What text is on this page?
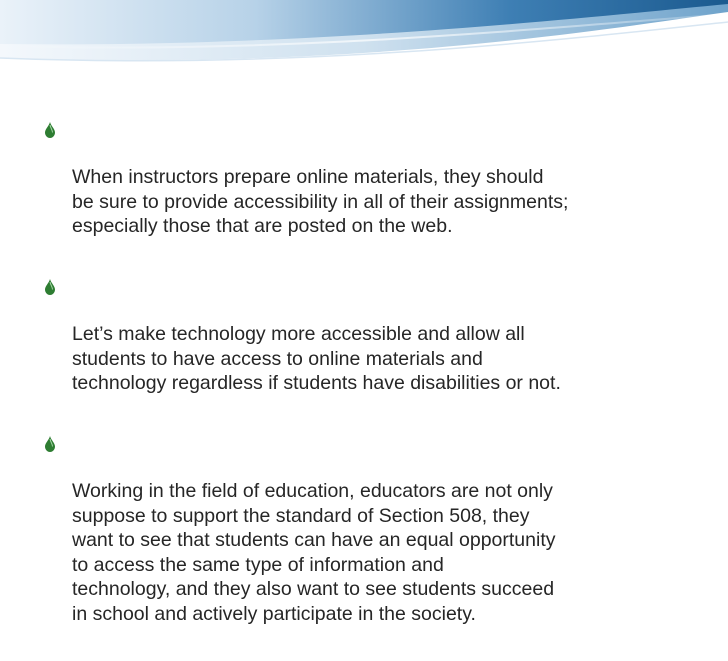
When instructors prepare online materials, they should
be sure to provide accessibility in all of their assignments;
especially those that are posted on the web.

Let’s make technology more accessible and allow all
students to have access to online materials and
technology regardless if students have disabilities or not.

Working in the field of education, educators are not only
suppose to support the standard of Section 508, they
want to see that students can have an equal opportunity
to access the same type of information and
technology, and they also want to see students succeed
in school and actively participate in the society.
